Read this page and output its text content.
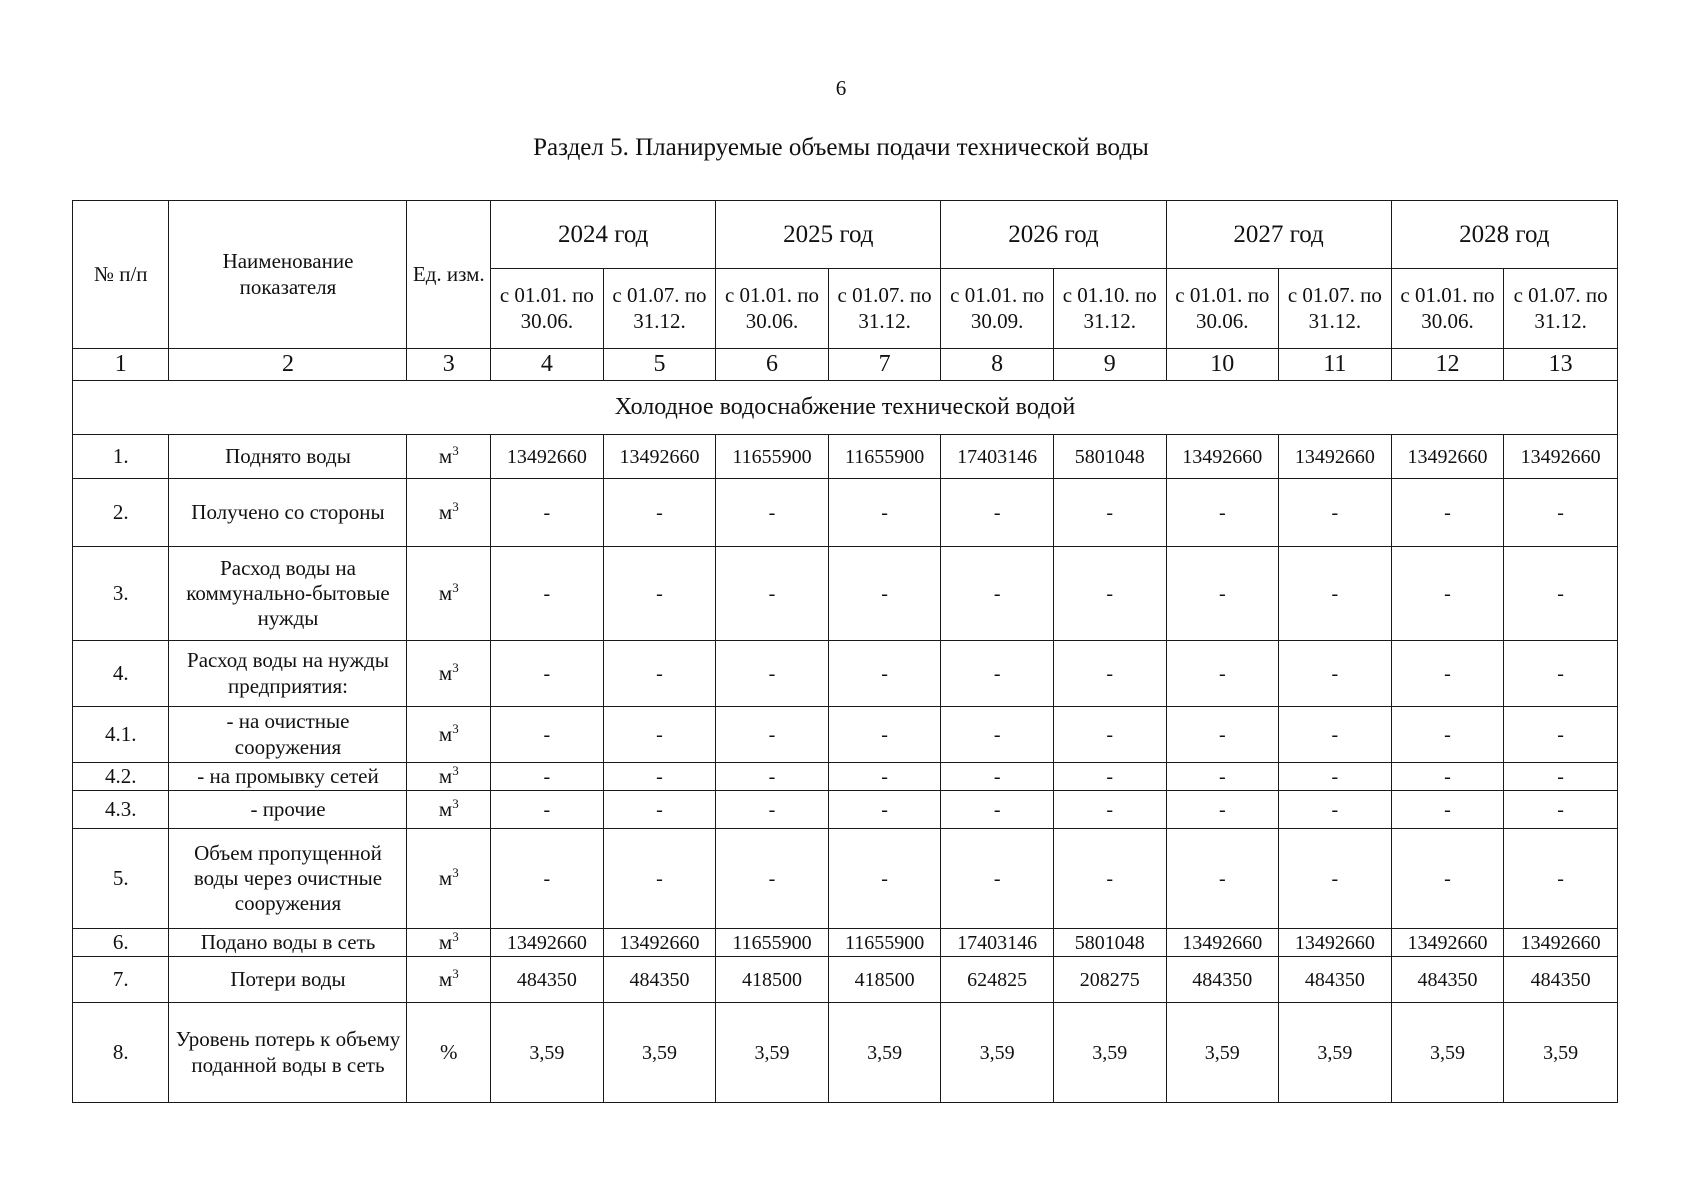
6
Раздел 5. Планируемые объемы подачи технической воды
№ п/п	Наименование показателя	Ед. изм.	2024 год		2025 год		2026 год		2027 год		2028 год	
			с 01.01. по 30.06.	с 01.07. по 31.12.	с 01.01. по 30.06.	с 01.07. по 31.12.	с 01.01. по 30.09.	с 01.10. по 31.12.	с 01.01. по 30.06.	с 01.07. по 31.12.	с 01.01. по 30.06.	с 01.07. по 31.12.
1	2	3	4	5	6	7	8	9	10	11	12	13
Холодное водоснабжение технической водой												
1.	Поднято воды	$м^3$	13492660	13492660	11655900	11655900	17403146	5801048	13492660	13492660	13492660	13492660
2.	Получено со стороны	$м^3$	-	-	-	-	-	-	-	-	-	-
3.	Расход воды на коммунально-бытовые нужды	$м^3$	-	-	-	-	-	-	-	-	-	-
4.	Расход воды на нужды предприятия:	$м^3$	-	-	-	-	-	-	-	-	-	-
4.1.	- на очистные сооружения	$м^3$	-	-	-	-	-	-	-	-	-	-
4.2.	- на промывку сетей	$м^3$	-	-	-	-	-	-	-	-	-	-
4.3.	- прочие	$м^3$	-	-	-	-	-	-	-	-	-	-
5.	Объем пропущенной воды через очистные сооружения	$м^3$	-	-	-	-	-	-	-	-	-	-
6.	Подано воды в сеть	$м^3$	13492660	13492660	11655900	11655900	17403146	5801048	13492660	13492660	13492660	13492660
7.	Потери воды	$м^3$	484350	484350	418500	418500	624825	208275	484350	484350	484350	484350
8.	Уровень потерь к объему поданной воды в сеть	%	3,59	3,59	3,59	3,59	3,59	3,59	3,59	3,59	3,59	3,59
